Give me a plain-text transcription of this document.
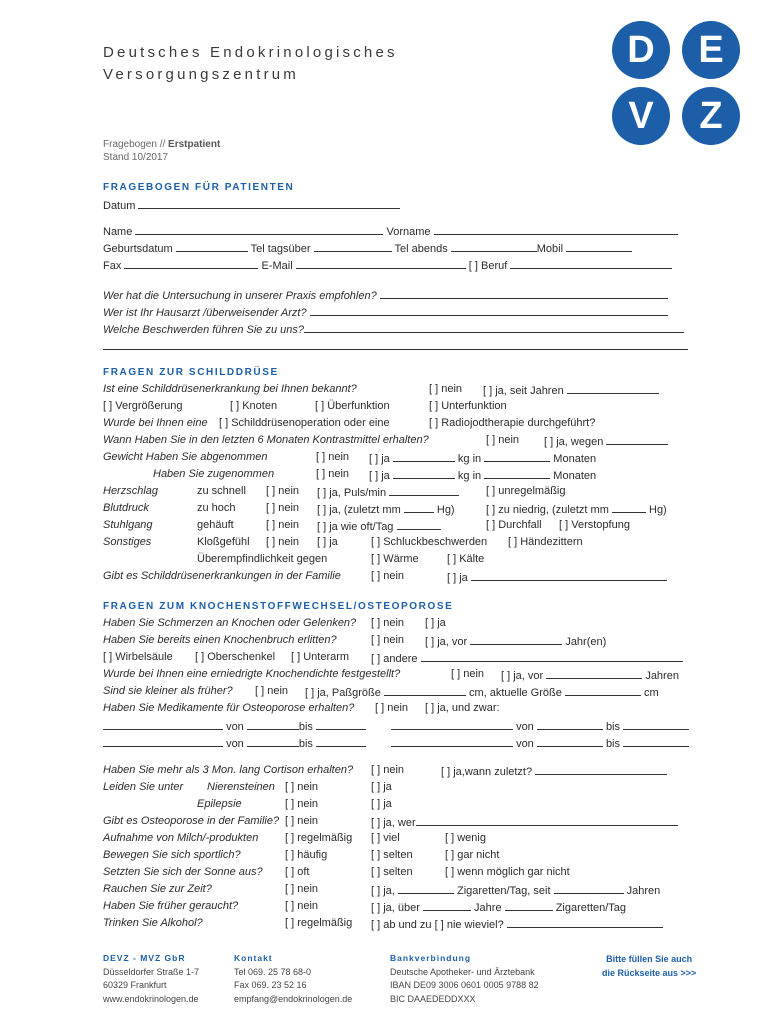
Deutsches Endokrinologisches
Versorgungszentrum
Fragebogen // Erstpatient
Stand 10/2017
D	E
V	Z
FRAGEBOGEN FÜR PATIENTEN
Datum
Name	Vorname
Geburtsdatum	Tel tagsüber	Tel abends	Mobil
Fax	E-Mail	[ ] Beruf
Wer hat die Untersuchung in unserer Praxis empfohlen?
Wer ist Ihr Hausarzt /überweisender Arzt?
Welche Beschwerden führen Sie zu uns?
FRAGEN ZUR SCHILDDRÜSE
Ist eine Schilddrüsenerkrankung bei Ihnen bekannt?	[ ] nein [ ] ja, seit Jahren
[ ] Vergrößerung	[ ] Knoten	[ ] Überfunktion	[ ] Unterfunktion
Wurde bei Ihnen eine [ ] Schilddrüsenoperation oder eine	[ ] Radiojodtherapie durchgeführt?
Wann Haben Sie in den letzten 6 Monaten Kontrastmittel erhalten?	[ ] nein [ ] ja, wegen
Gewicht Haben Sie abgenommen	[ ] nein [ ] ja	kg in	Monaten
Haben Sie zugenommen	[ ] nein [ ] ja	kg in	Monaten
Herzschlag	zu schnell [ ] nein [ ] ja, Puls/min	[ ] unregelmäßig
Blutdruck	zu hoch	[ ] nein [ ] ja, (zuletzt mm	Hg)	[ ] zu niedrig, (zuletzt mm	Hg)
Stuhlgang	gehäuft	[ ] nein [ ] ja wie oft/Tag	[ ] Durchfall [ ] Verstopfung
Sonstiges	Kloßgefühl [ ] nein [ ] ja	[ ] Schluckbeschwerden [ ] Händezittern
Überempfindlichkeit gegen	[ ] Wärme	[ ] Kälte
Gibt es Schilddrüsenerkrankungen in der Familie	[ ] nein	[ ] ja
FRAGEN ZUM KNOCHENSTOFFWECHSEL/OSTEOPOROSE
Haben Sie Schmerzen an Knochen oder Gelenken? [ ] nein [ ] ja
Haben Sie bereits einen Knochenbruch erlitten?	[ ] nein [ ] ja, vor	Jahr(en)
[ ] Wirbelsäule [ ] Oberschenkel [ ] Unterarm [ ] andere
Wurde bei Ihnen eine erniedrigte Knochendichte festgestellt?	[ ] nein [ ] ja, vor	Jahren
Sind sie kleiner als früher? [ ] nein [ ] ja, Paßgröße	cm, aktuelle Größe	cm
Haben Sie Medikamente für Osteoporose erhalten? [ ] nein [ ] ja, und zwar:
von	bis	von	bis
von	bis	von	bis
Haben Sie mehr als 3 Mon. lang Cortison erhalten? [ ] nein	[ ] ja,wann zuletzt?
Leiden Sie unter Nierensteinen [ ] nein	[ ] ja
Epilepsie	[ ] nein	[ ] ja
Gibt es Osteoporose in der Familie? [ ] nein	[ ] ja, wer
Aufnahme von Milch/-produkten [ ] regelmäßig [ ] viel	[ ] wenig
Bewegen Sie sich sportlich?	[ ] häufig	[ ] selten	[ ] gar nicht
Setzten Sie sich der Sonne aus? [ ] oft	[ ] selten	[ ] wenn möglich gar nicht
Rauchen Sie zur Zeit?	[ ] nein	[ ] ja,	Zigaretten/Tag, seit	Jahren
Haben Sie früher geraucht?	[ ] nein	[ ] ja, über	Jahre	Zigaretten/Tag
Trinken Sie Alkohol?	[ ] regelmäßig [ ] ab und zu [ ] nie wieviel?
DEVZ - MVZ GbR
Düsseldorfer Straße 1-7
60329 Frankfurt
www.endokrinologen.de
Kontakt
Tel 069. 25 78 68-0
Fax 069. 23 52 16
empfang@endokrinologen.de
Bankverbindung
Deutsche Apotheker- und Ärztebank
IBAN DE09 3006 0601 0005 9788 82
BIC DAAEDEDDXXX
Bitte füllen Sie auch
die Rückseite aus >>>
